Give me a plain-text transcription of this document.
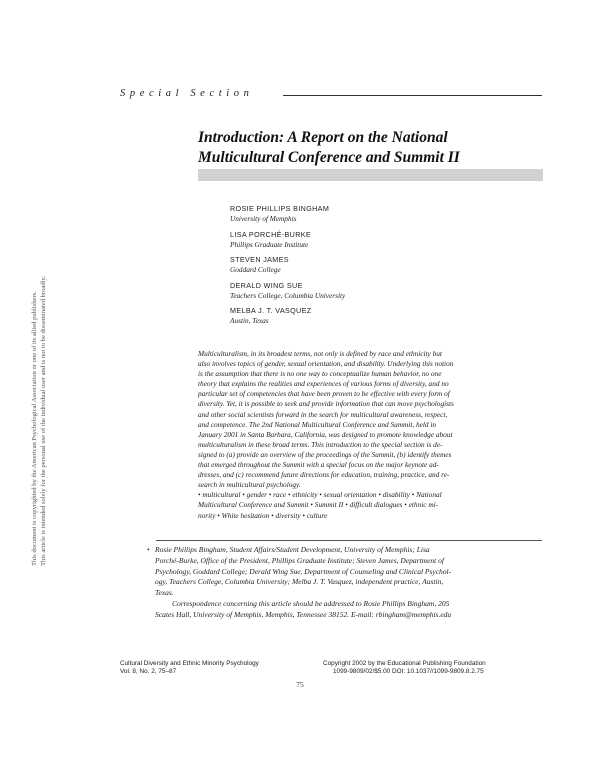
Special Section
Introduction: A Report on the National
Multicultural Conference and Summit II
ROSIE PHILLIPS BINGHAM
University of Memphis
LISA PORCHÉ-BURKE
Phillips Graduate Institute
STEVEN JAMES
Goddard College
DERALD WING SUE
Teachers College, Columbia University
MELBA J. T. VASQUEZ
Austin, Texas
Multiculturalism, in its broadest terms, not only is defined by race and ethnicity but
also involves topics of gender, sexual orientation, and disability. Underlying this notion
is the assumption that there is no one way to conceptualize human behavior, no one
theory that explains the realities and experiences of various forms of diversity, and no
particular set of competencies that have been proven to be effective with every form of
diversity. Yet, it is possible to seek and provide information that can move psychologists
and other social scientists forward in the search for multicultural awareness, respect,
and competence. The 2nd National Multicultural Conference and Summit, held in
January 2001 in Santa Barbara, California, was designed to promote knowledge about
multiculturalism in these broad terms. This introduction to the special section is de-
signed to (a) provide an overview of the proceedings of the Summit, (b) identify themes
that emerged throughout the Summit with a special focus on the major keynote ad-
dresses, and (c) recommend future directions for education, training, practice, and re-
search in multicultural psychology.
• multicultural • gender • race • ethnicity • sexual orientation • disability • National
Multicultural Conference and Summit • Summit II • difficult dialogues • ethnic mi-
nority • White hesitation • diversity • culture
• Rosie Phillips Bingham, Student Affairs/Student Development, University of Memphis; Lisa
Porché-Burke, Office of the President, Phillips Graduate Institute; Steven James, Department of
Psychology, Goddard College; Derald Wing Sue, Department of Counseling and Clinical Psychol-
ogy, Teachers College, Columbia University; Melba J. T. Vasquez, independent practice, Austin,
Texas.
Correspondence concerning this article should be addressed to Rosie Phillips Bingham, 205
Scates Hall, University of Memphis, Memphis, Tennessee 38152. E-mail: rbingham@memphis.edu
Cultural Diversity and Ethnic Minority Psychology
Vol. 8, No. 2, 75–87
Copyright 2002 by the Educational Publishing Foundation
1099-9809/02/$5.00 DOI: 10.1037//1099-9809.8.2.75
75
This document is copyrighted by the American Psychological Association or one of its allied publishers. This article is intended solely for the personal use of the individual user and is not to be disseminated broadly.
